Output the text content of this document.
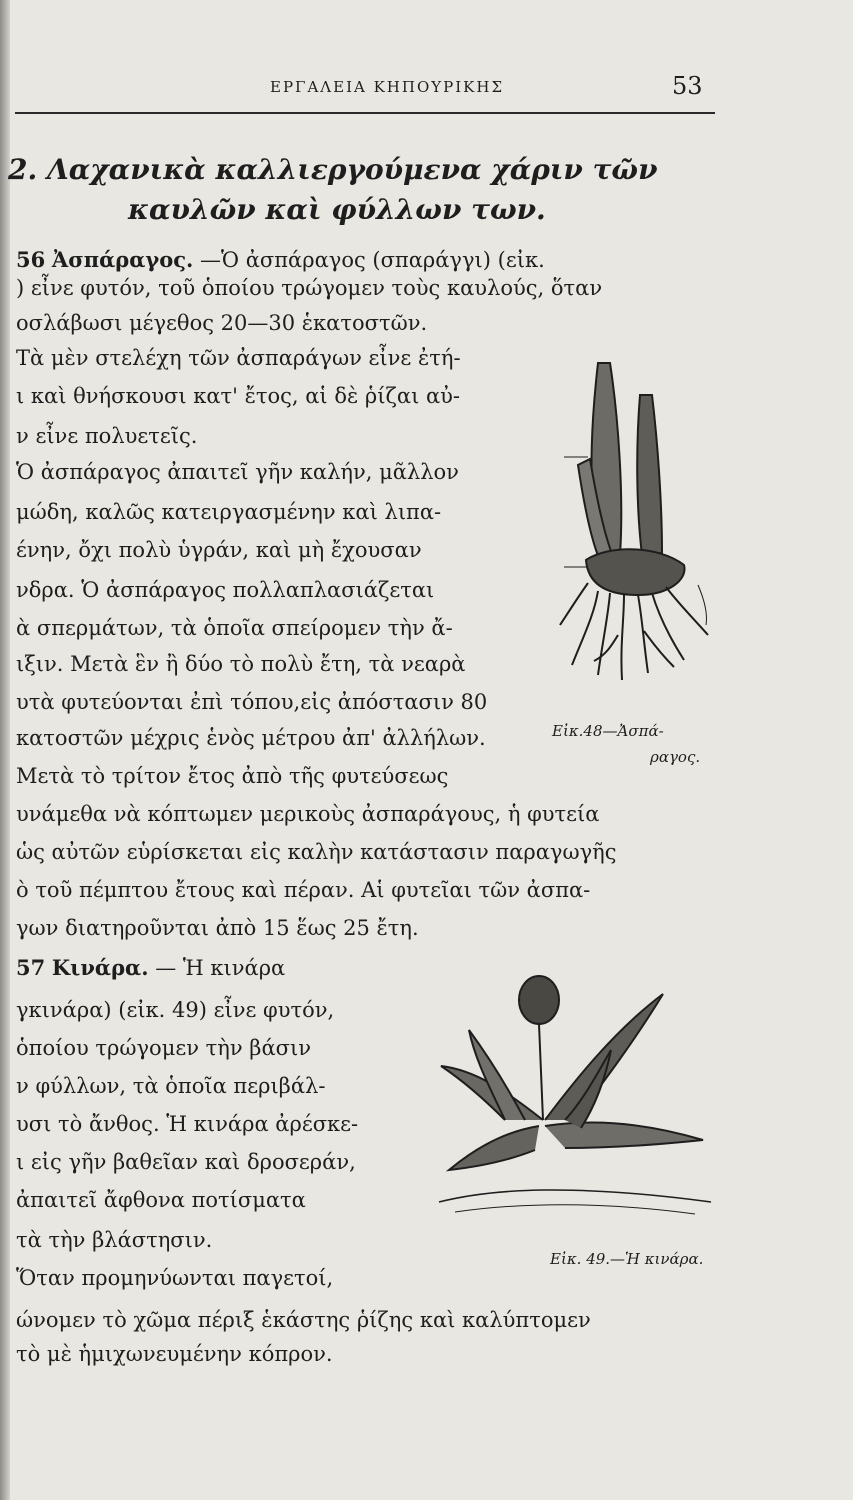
ΕΡΓΑΛΕΙΑ ΚΗΠΟΥΡΙΚΗΣ	53
2. Λαχανικὰ καλλιεργούμενα χάριν τῶν
καυλῶν καὶ φύλλων των.
56 Ἀσπάραγος. —Ὁ ἀσπάραγος (σπαράγγι) (εἰκ.
) εἶνε φυτόν, τοῦ ὁποίου τρώγομεν τοὺς καυλούς, ὅταν
οσλάβωσι μέγεθος 20—30 ἑκατοστῶν.
Τὰ μὲν στελέχη τῶν ἀσπαράγων εἶνε ἐτή-
ι καὶ θνήσκουσι κατ' ἔτος, αἱ δὲ ῥίζαι αὐ-
ν εἶνε πολυετεῖς.
Ὁ ἀσπάραγος ἀπαιτεῖ γῆν καλήν, μᾶλλον
μώδη, καλῶς κατειργασμένην καὶ λιπα-
ένην, ὄχι πολὺ ὑγράν, καὶ μὴ ἔχουσαν
νδρα. Ὁ ἀσπάραγος πολλαπλασιάζεται
ὰ σπερμάτων, τὰ ὁποῖα σπείρομεν τὴν ἄ-
ιξιν. Μετὰ ἓν ἢ δύο τὸ πολὺ ἔτη, τὰ νεαρὰ
υτὰ φυτεύονται ἐπὶ τόπου,εἰς ἀπόστασιν 80
κατοστῶν μέχρις ἑνὸς μέτρου ἀπ' ἀλλήλων.
Μετὰ τὸ τρίτον ἔτος ἀπὸ τῆς φυτεύσεως
υνάμεθα νὰ κόπτωμεν μερικοὺς ἀσπαράγους, ἡ φυτεία
ὡς αὐτῶν εὑρίσκεται εἰς καλὴν κατάστασιν παραγωγῆς
ὸ τοῦ πέμπτου ἔτους καὶ πέραν. Αἱ φυτεῖαι τῶν ἀσπα-
γων διατηροῦνται ἀπὸ 15 ἕως 25 ἔτη.
Εἰκ.48—Ἀσπά-
ραγος.
57 Κινάρα. — Ἡ κινάρα
γκινάρα) (εἰκ. 49) εἶνε φυτόν,
ὁποίου τρώγομεν τὴν βάσιν
ν φύλλων, τὰ ὁποῖα περιβάλ-
υσι τὸ ἄνθος. Ἡ κινάρα ἀρέσκε-
ι εἰς γῆν βαθεῖαν καὶ δροσεράν,
ἀπαιτεῖ ἄφθονα ποτίσματα
τὰ τὴν βλάστησιν.
Ὅταν προμηνύωνται παγετοί,
ώνομεν τὸ χῶμα πέριξ ἑκάστης ῥίζης καὶ καλύπτομεν
τὸ μὲ ἡμιχωνευμένην κόπρον.
Εἰκ. 49.—Ἡ κινάρα.
